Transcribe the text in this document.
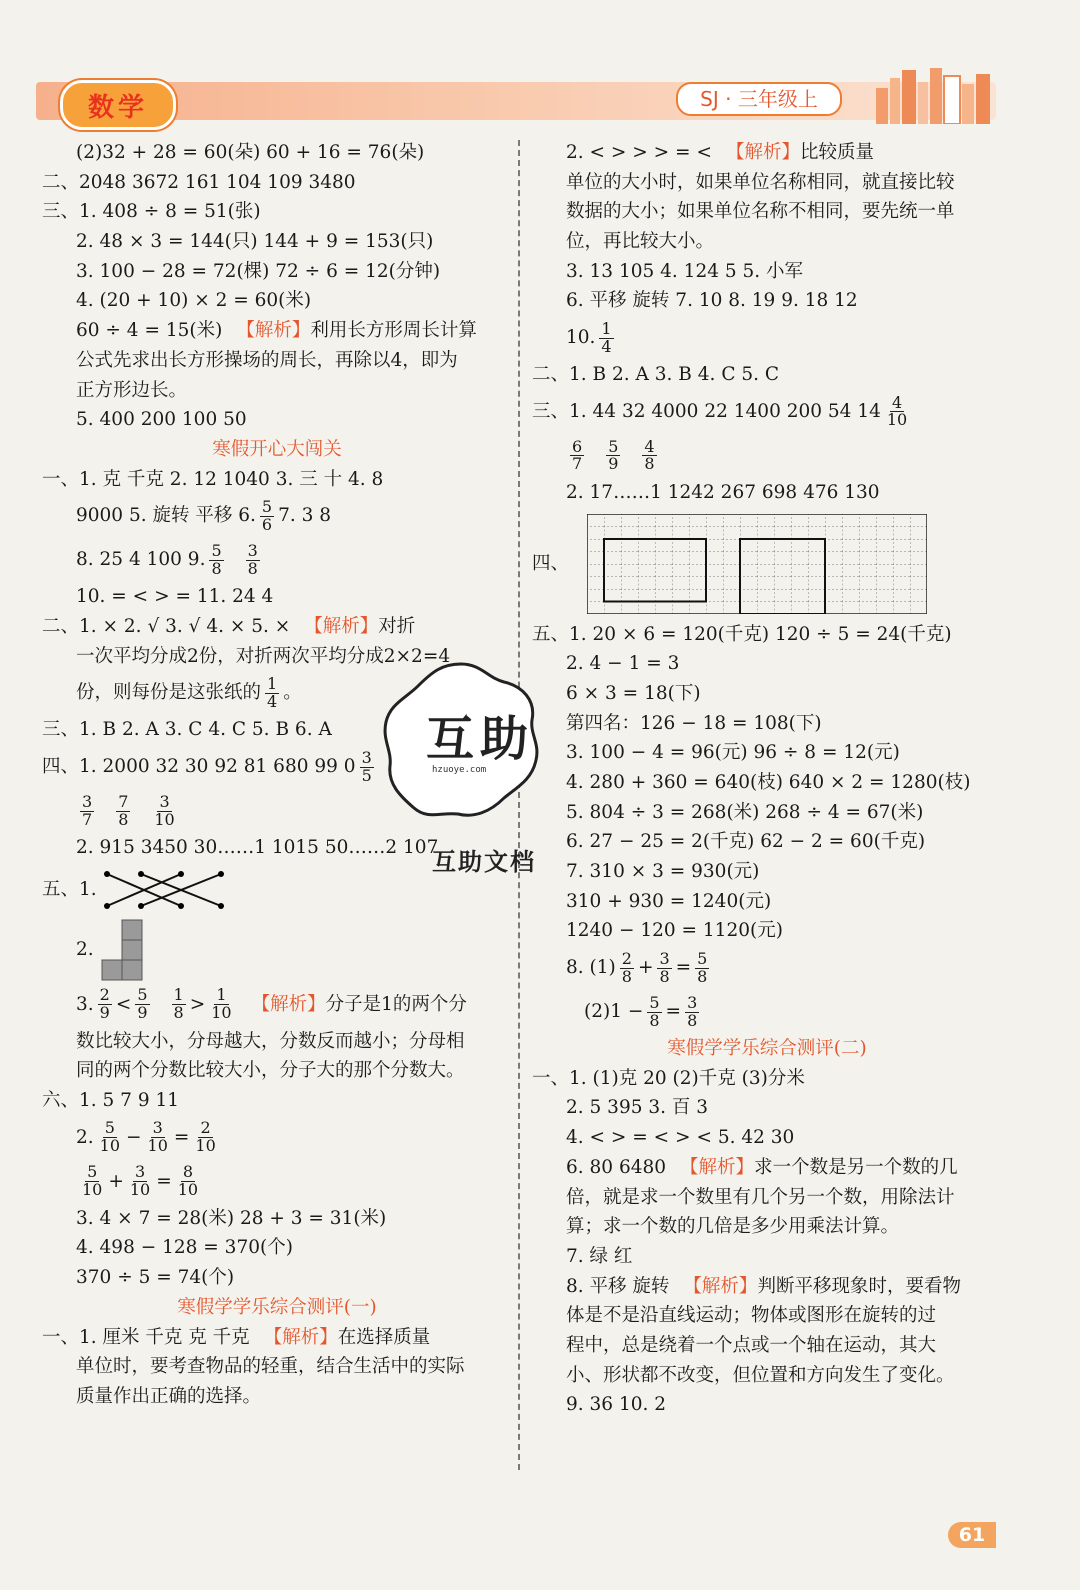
数学	SJ · 三年级上
(2)32 + 28 = 60(朵) 60 + 16 = 76(朵)
二、2048 3672 161 104 109 3480
三、1. 408 ÷ 8 = 51(张)
2. 48 × 3 = 144(只) 144 + 9 = 153(只)
3. 100 − 28 = 72(棵) 72 ÷ 6 = 12(分钟)
4. (20 + 10) × 2 = 60(米)
60 ÷ 4 = 15(米) 【解析】 利用长方形周长计算
公式先求出长方形操场的周长，再除以4，即为
正方形边长。
5. 400 200 100 50
寒假开心大闯关
一、1. 克 千克 2. 12 1040 3. 三 十 4. 8
9000 5. 旋转 平移 6. 5
6 7. 3 8
8. 25 4 100 9. 5
8
3
8
10. = < > = 11. 24 4
二、1. × 2. √ 3. √ 4. × 5. × 【解析】 对折
一次平均分成2份，对折两次平均分成2×2=4
份，则每份是这张纸的 1
4 。
三、1. B 2. A 3. C 4. C 5. B 6. A
四、1. 2000 32 30 92 81 680 99 0 3
5
3
7
7
8
3
10
2. 915 3450 30……1 1015 50……2 107
五、1.
2.
3. 2
9 < 5
9
1
8 > 1
10 【解析】 分子是1的两个分
数比较大小，分母越大，分数反而越小；分母相
同的两个分数比较大小，分子大的那个分数大。
六、1. 5 7 9 11
2. 5
10 − 3
10 = 2
10
5
10 + 3
10 = 8
10
3. 4 × 7 = 28(米) 28 + 3 = 31(米)
4. 498 − 128 = 370(个)
370 ÷ 5 = 74(个)
寒假学学乐综合测评(一)
一、1. 厘米 千克 克 千克 【解析】 在选择质量
单位时，要考查物品的轻重，结合生活中的实际
质量作出正确的选择。
2. < > > > = < 【解析】 比较质量
单位的大小时，如果单位名称相同，就直接比较
数据的大小；如果单位名称不相同，要先统一单
位，再比较大小。
3. 13 105 4. 124 5 5. 小军
6. 平移 旋转 7. 10 8. 19 9. 18 12
10. 1
4
二、1. B 2. A 3. B 4. C 5. C
三、1. 44 32 4000 22 1400 200 54 14 4
10
6
7
5
9
4
8
2. 17……1 1242 267 698 476 130
四、
五、1. 20 × 6 = 120(千克) 120 ÷ 5 = 24(千克)
2. 4 − 1 = 3
6 × 3 = 18(下)
第四名：126 − 18 = 108(下)
3. 100 − 4 = 96(元) 96 ÷ 8 = 12(元)
4. 280 + 360 = 640(枝) 640 × 2 = 1280(枝)
5. 804 ÷ 3 = 268(米) 268 ÷ 4 = 67(米)
6. 27 − 25 = 2(千克) 62 − 2 = 60(千克)
7. 310 × 3 = 930(元)
310 + 930 = 1240(元)
1240 − 120 = 1120(元)
8. (1) 2
8 + 3
8 = 5
8
$(2)1 - \frac{5}{8} = 3$
8
寒假学学乐综合测评(二)
一、1. (1)克 20 (2)千克 (3)分米
2. 5 395 3. 百 3
4. < > = < > < 5. 42 30
6. 80 6480 【解析】 求一个数是另一个数的几
倍，就是求一个数里有几个另一个数，用除法计
算；求一个数的几倍是多少用乘法计算。
7. 绿 红
8. 平移 旋转 【解析】 判断平移现象时，要看物
体是不是沿直线运动；物体或图形在旋转的过
程中，总是绕着一个点或一个轴在运动，其大
小、形状都不改变，但位置和方向发生了变化。
9. 36 10. 2
互助
hzuoye.com
互助文档
61
